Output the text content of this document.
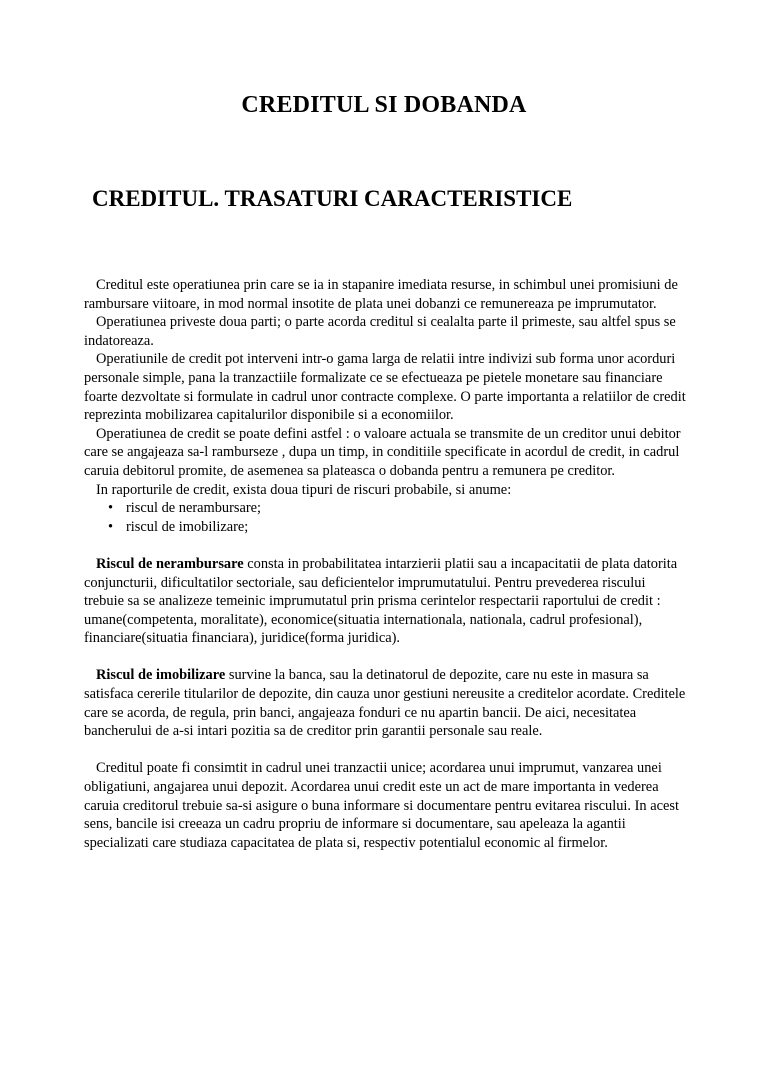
CREDITUL SI DOBANDA
CREDITUL. TRASATURI CARACTERISTICE

Creditul este operatiunea prin care se ia in stapanire imediata resurse, in schimbul unei promisiuni de rambursare viitoare, in mod normal insotite de plata unei dobanzi ce remunereaza pe imprumutator.

Operatiunea priveste doua parti; o parte acorda creditul si cealalta parte il primeste, sau altfel spus se indatoreaza.

Operatiunile de credit pot interveni intr-o gama larga de relatii intre indivizi sub forma unor acorduri personale simple, pana la tranzactiile formalizate ce se efectueaza pe pietele monetare sau financiare foarte dezvoltate si formulate in cadrul unor contracte complexe. O parte importanta a relatiilor de credit reprezinta mobilizarea capitalurilor disponibile si a economiilor.

Operatiunea de credit se poate defini astfel : o valoare actuala se transmite de un creditor unui debitor care se angajeaza sa-l ramburseze , dupa un timp, in conditiile specificate in acordul de credit, in cadrul caruia debitorul promite, de asemenea sa plateasca o dobanda pentru a remunera pe creditor.

In raporturile de credit, exista doua tipuri de riscuri probabile, si anume:

• riscul de nerambursare;
• riscul de imobilizare;

Riscul de nerambursare consta in probabilitatea intarzierii platii sau a incapacitatii de plata datorita conjuncturii, dificultatilor sectoriale, sau deficientelor imprumutatului. Pentru prevederea riscului trebuie sa se analizeze temeinic imprumutatul prin prisma cerintelor respectarii raportului de credit : umane(competenta, moralitate), economice(situatia internationala, nationala, cadrul profesional), financiare(situatia financiara), juridice(forma juridica).

Riscul de imobilizare survine la banca, sau la detinatorul de depozite, care nu este in masura sa satisfaca cererile titularilor de depozite, din cauza unor gestiuni nereusite a creditelor acordate. Creditele care se acorda, de regula, prin banci, angajeaza fonduri ce nu apartin bancii. De aici, necesitatea bancherului de a-si intari pozitia sa de creditor prin garantii personale sau reale.

Creditul poate fi consimtit in cadrul unei tranzactii unice; acordarea unui imprumut, vanzarea unei obligatiuni, angajarea unui depozit. Acordarea unui credit este un act de mare importanta in vederea caruia creditorul trebuie sa-si asigure o buna informare si documentare pentru evitarea riscului. In acest sens, bancile isi creeaza un cadru propriu de informare si documentare, sau apeleaza la agantii specializati care studiaza capacitatea de plata si, respectiv potentialul economic al firmelor.
